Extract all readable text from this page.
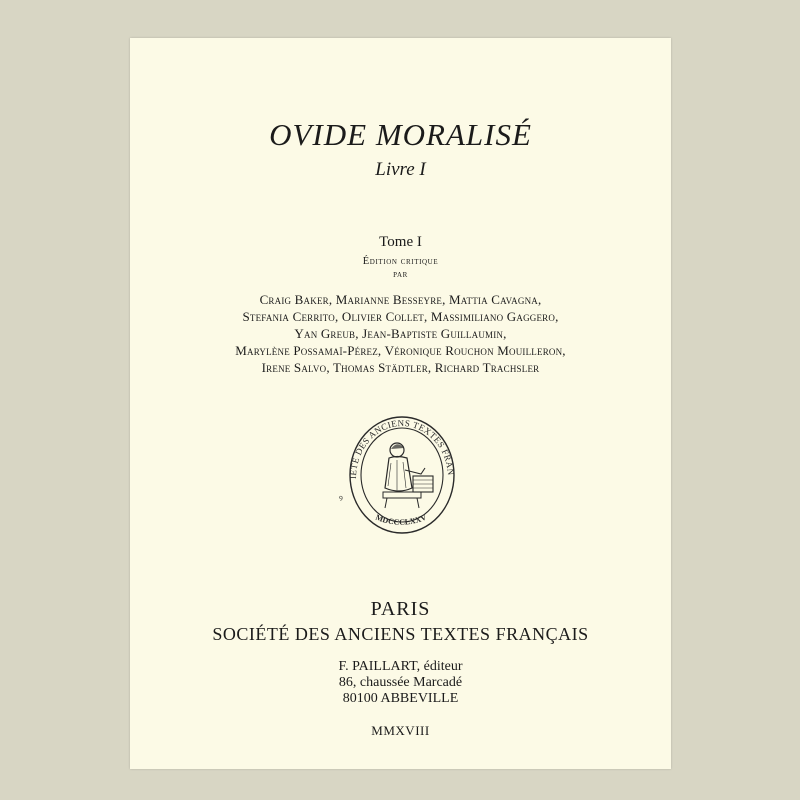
OVIDE MORALISÉ
Livre I
Tome I
Édition critique
par
Craig Baker, Marianne Besseyre, Mattia Cavagna,
Stefania Cerrito, Olivier Collet, Massimiliano Gaggero,
Yan Greub, Jean-Baptiste Guillaumin,
Marylène Possamaï-Pérez, Véronique Rouchon Mouilleron,
Irene Salvo, Thomas Städtler, Richard Trachsler
IETE DES ANCIENS TEXTES FRAN
MDCCCLXXV
ꝰ
PARIS
SOCIÉTÉ DES ANCIENS TEXTES FRANÇAIS
F. PAILLART, éditeur
86, chaussée Marcadé
80100 ABBEVILLE
MMXVIII
